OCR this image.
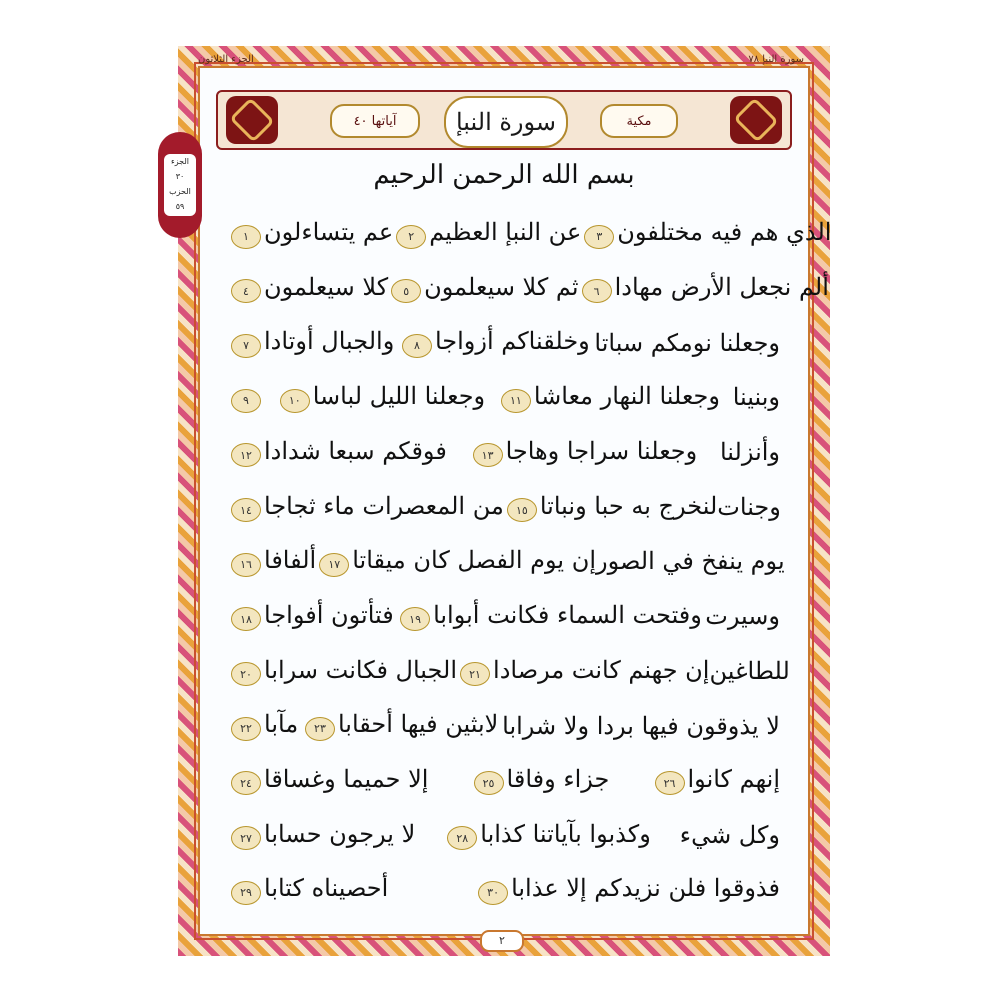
الجزء الثلاثون	سورة النبإ ٧٨
الجزء
٣٠
الحزب
٥٩
آياتها ٤٠	سورة النبإ	مكية
بسم الله الرحمن الرحيم
عم يتساءلون١	عن النبإ العظيم٢	الذي هم فيه مختلفون٣
كلا سيعلمون٤	ثم كلا سيعلمون٥	ألم نجعل الأرض مهادا٦
والجبال أوتادا٧	وخلقناكم أزواجا٨	وجعلنا نومكم سباتا
٩	وجعلنا الليل لباسا١٠	وجعلنا النهار معاشا١١	وبنينا
فوقكم سبعا شدادا١٢	وجعلنا سراجا وهاجا١٣	وأنزلنا
من المعصرات ماء ثجاجا١٤	لنخرج به حبا ونباتا١٥	وجنات
ألفافا١٦	إن يوم الفصل كان ميقاتا١٧	يوم ينفخ في الصور
فتأتون أفواجا١٨	وفتحت السماء فكانت أبوابا١٩	وسيرت
الجبال فكانت سرابا٢٠	إن جهنم كانت مرصادا٢١	للطاغين
مآبا٢٢	لابثين فيها أحقابا٢٣	لا يذوقون فيها بردا ولا شرابا
إلا حميما وغساقا٢٤	جزاء وفاقا٢٥	إنهم كانوا٢٦
لا يرجون حسابا٢٧	وكذبوا بآياتنا كذابا٢٨	وكل شيء
أحصيناه كتابا٢٩	فذوقوا فلن نزيدكم إلا عذابا٣٠
٢
